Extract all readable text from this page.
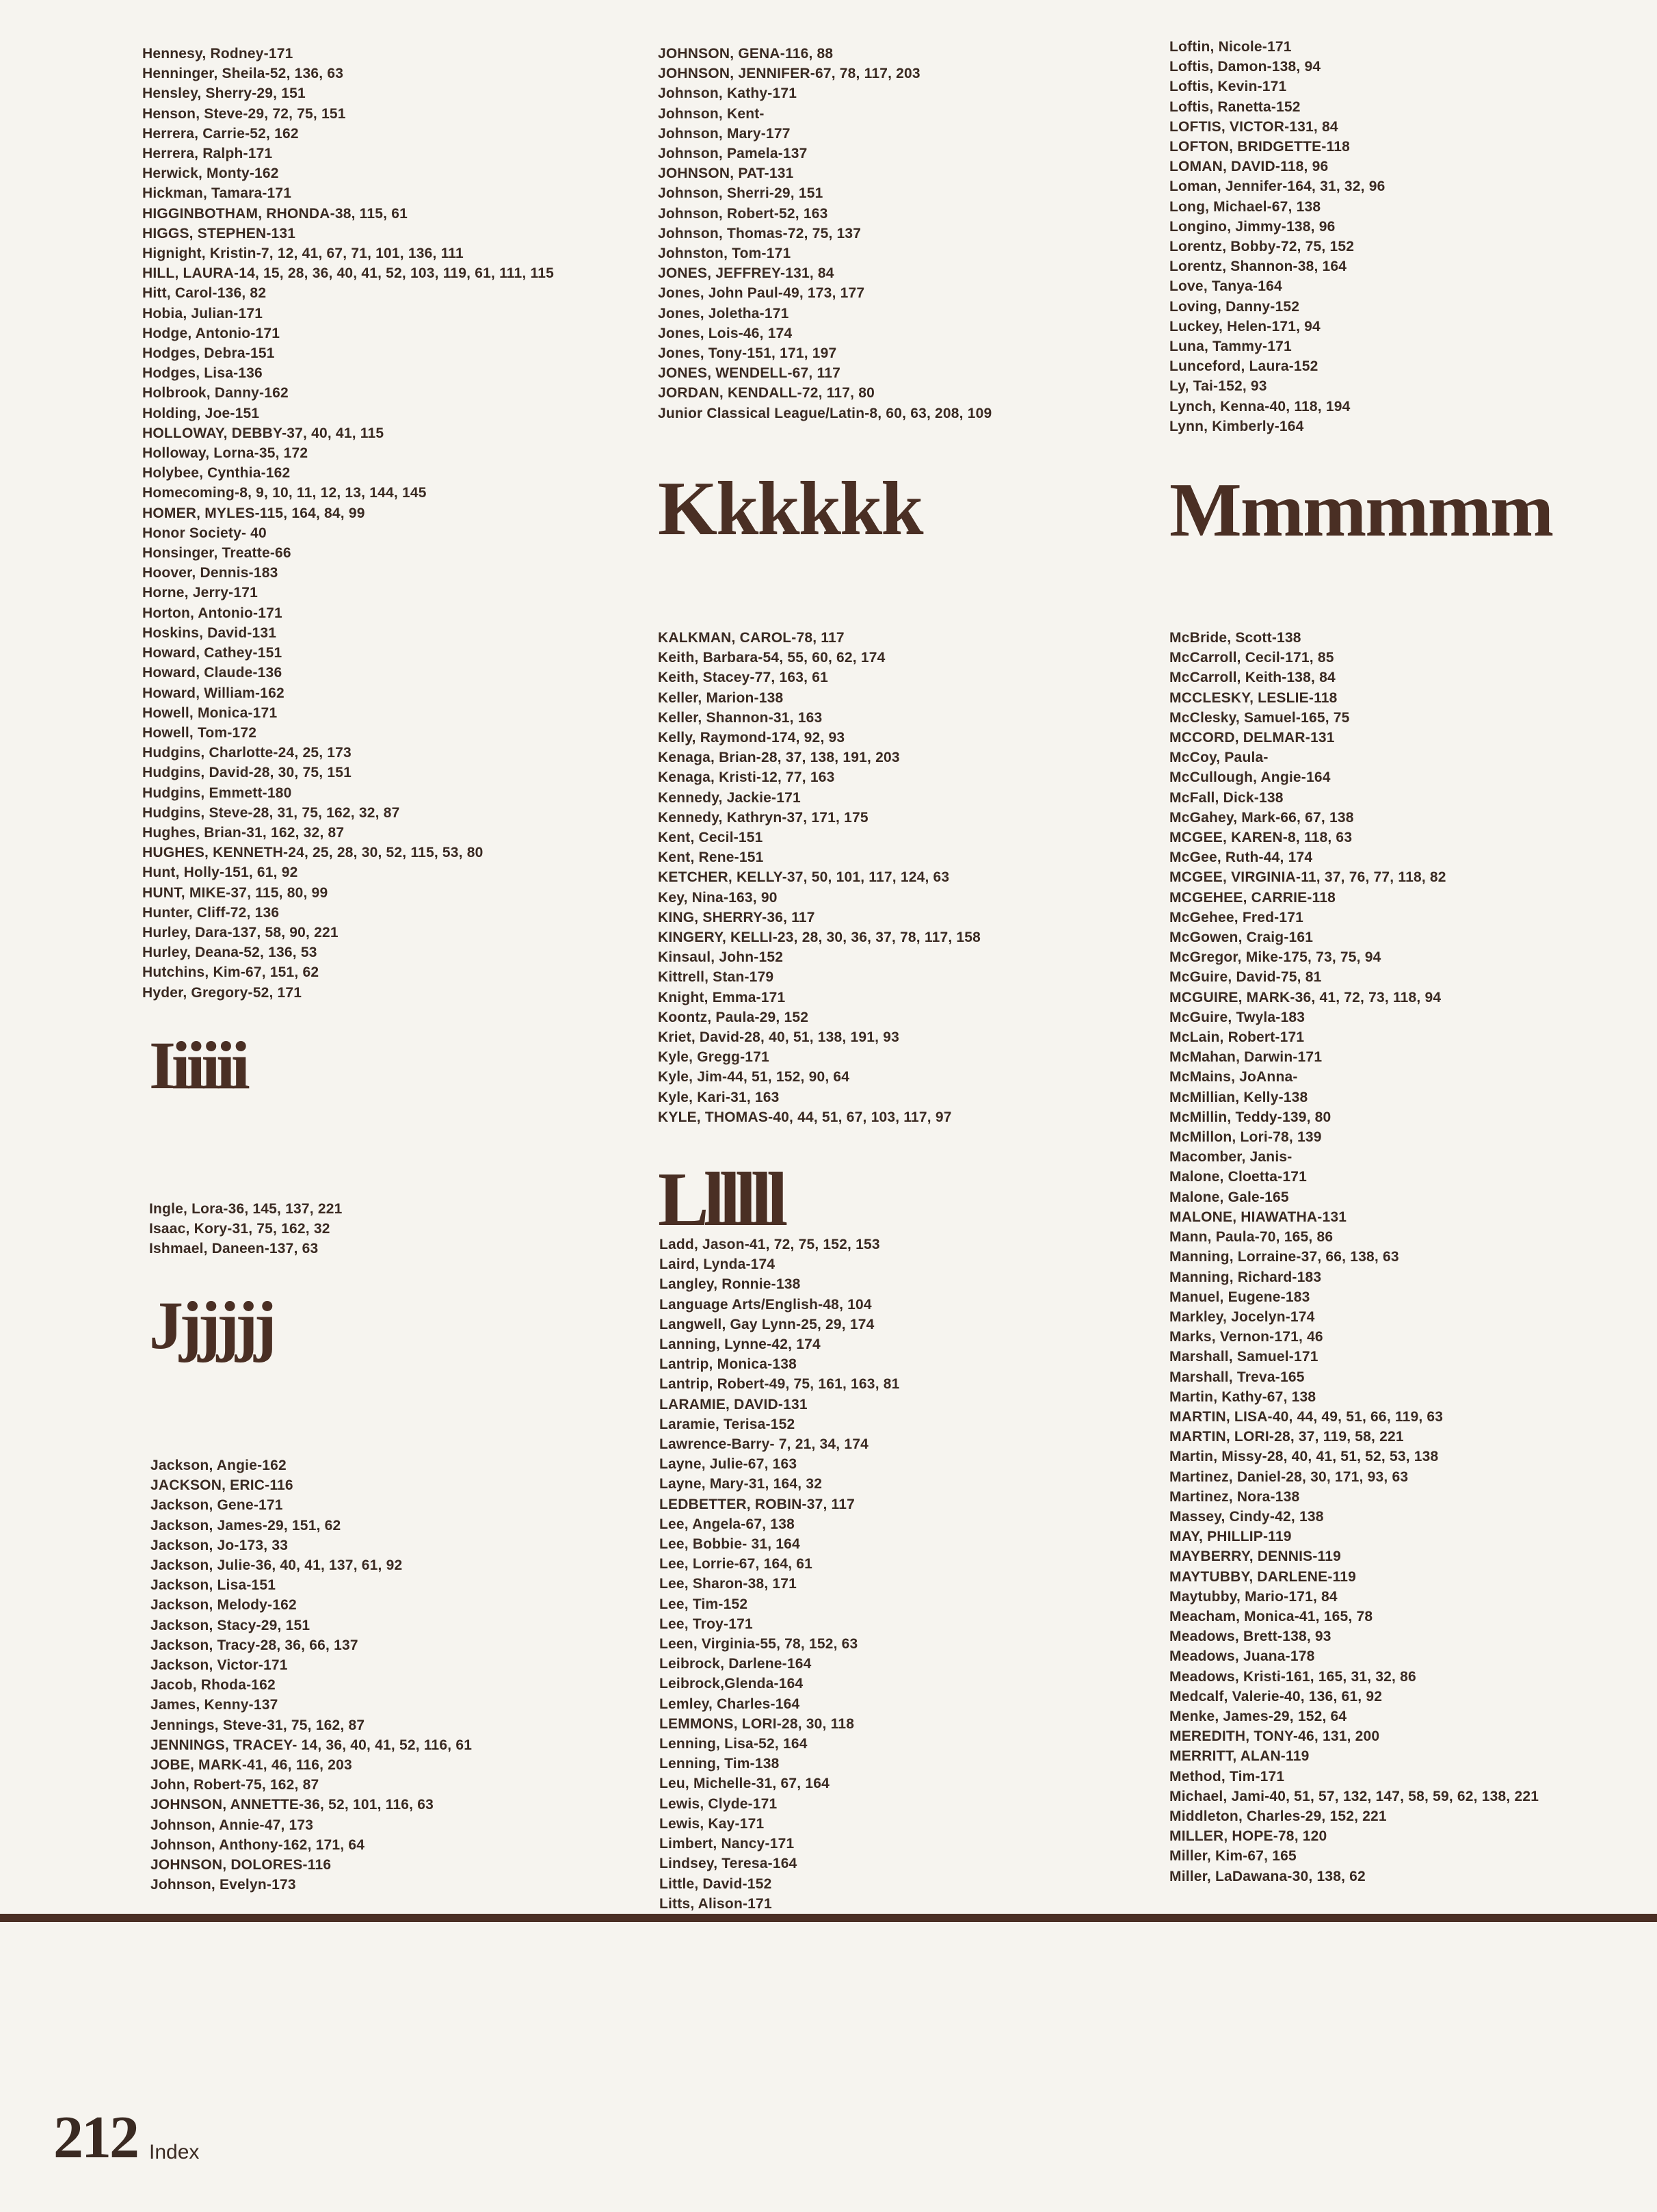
Hennesy, Rodney-171
Henninger, Sheila-52, 136, 63
Hensley, Sherry-29, 151
Henson, Steve-29, 72, 75, 151
Herrera, Carrie-52, 162
Herrera, Ralph-171
Herwick, Monty-162
Hickman, Tamara-171
HIGGINBOTHAM, RHONDA-38, 115, 61
HIGGS, STEPHEN-131
Hignight, Kristin-7, 12, 41, 67, 71, 101, 136, 111
HILL, LAURA-14, 15, 28, 36, 40, 41, 52, 103, 119, 61, 111, 115
Hitt, Carol-136, 82
Hobia, Julian-171
Hodge, Antonio-171
Hodges, Debra-151
Hodges, Lisa-136
Holbrook, Danny-162
Holding, Joe-151
HOLLOWAY, DEBBY-37, 40, 41, 115
Holloway, Lorna-35, 172
Holybee, Cynthia-162
Homecoming-8, 9, 10, 11, 12, 13, 144, 145
HOMER, MYLES-115, 164, 84, 99
Honor Society- 40
Honsinger, Treatte-66
Hoover, Dennis-183
Horne, Jerry-171
Horton, Antonio-171
Hoskins, David-131
Howard, Cathey-151
Howard, Claude-136
Howard, William-162
Howell, Monica-171
Howell, Tom-172
Hudgins, Charlotte-24, 25, 173
Hudgins, David-28, 30, 75, 151
Hudgins, Emmett-180
Hudgins, Steve-28, 31, 75, 162, 32, 87
Hughes, Brian-31, 162, 32, 87
HUGHES, KENNETH-24, 25, 28, 30, 52, 115, 53, 80
Hunt, Holly-151, 61, 92
HUNT, MIKE-37, 115, 80, 99
Hunter, Cliff-72, 136
Hurley, Dara-137, 58, 90, 221
Hurley, Deana-52, 136, 53
Hutchins, Kim-67, 151, 62
Hyder, Gregory-52, 171
Iiiiii
Ingle, Lora-36, 145, 137, 221
Isaac, Kory-31, 75, 162, 32
Ishmael, Daneen-137, 63
Jjjjjj
Jackson, Angie-162
JACKSON, ERIC-116
Jackson, Gene-171
Jackson, James-29, 151, 62
Jackson, Jo-173, 33
Jackson, Julie-36, 40, 41, 137, 61, 92
Jackson, Lisa-151
Jackson, Melody-162
Jackson, Stacy-29, 151
Jackson, Tracy-28, 36, 66, 137
Jackson, Victor-171
Jacob, Rhoda-162
James, Kenny-137
Jennings, Steve-31, 75, 162, 87
JENNINGS, TRACEY- 14, 36, 40, 41, 52, 116, 61
JOBE, MARK-41, 46, 116, 203
John, Robert-75, 162, 87
JOHNSON, ANNETTE-36, 52, 101, 116, 63
Johnson, Annie-47, 173
Johnson, Anthony-162, 171, 64
JOHNSON, DOLORES-116
Johnson, Evelyn-173
JOHNSON, GENA-116, 88
JOHNSON, JENNIFER-67, 78, 117, 203
Johnson, Kathy-171
Johnson, Kent-
Johnson, Mary-177
Johnson, Pamela-137
JOHNSON, PAT-131
Johnson, Sherri-29, 151
Johnson, Robert-52, 163
Johnson, Thomas-72, 75, 137
Johnston, Tom-171
JONES, JEFFREY-131, 84
Jones, John Paul-49, 173, 177
Jones, Joletha-171
Jones, Lois-46, 174
Jones, Tony-151, 171, 197
JONES, WENDELL-67, 117
JORDAN, KENDALL-72, 117, 80
Junior Classical League/Latin-8, 60, 63, 208, 109
Kkkkkk
KALKMAN, CAROL-78, 117
Keith, Barbara-54, 55, 60, 62, 174
Keith, Stacey-77, 163, 61
Keller, Marion-138
Keller, Shannon-31, 163
Kelly, Raymond-174, 92, 93
Kenaga, Brian-28, 37, 138, 191, 203
Kenaga, Kristi-12, 77, 163
Kennedy, Jackie-171
Kennedy, Kathryn-37, 171, 175
Kent, Cecil-151
Kent, Rene-151
KETCHER, KELLY-37, 50, 101, 117, 124, 63
Key, Nina-163, 90
KING, SHERRY-36, 117
KINGERY, KELLI-23, 28, 30, 36, 37, 78, 117, 158
Kinsaul, John-152
Kittrell, Stan-179
Knight, Emma-171
Koontz, Paula-29, 152
Kriet, David-28, 40, 51, 138, 191, 93
Kyle, Gregg-171
Kyle, Jim-44, 51, 152, 90, 64
Kyle, Kari-31, 163
KYLE, THOMAS-40, 44, 51, 67, 103, 117, 97
Llllll
Ladd, Jason-41, 72, 75, 152, 153
Laird, Lynda-174
Langley, Ronnie-138
Language Arts/English-48, 104
Langwell, Gay Lynn-25, 29, 174
Lanning, Lynne-42, 174
Lantrip, Monica-138
Lantrip, Robert-49, 75, 161, 163, 81
LARAMIE, DAVID-131
Laramie, Terisa-152
Lawrence-Barry- 7, 21, 34, 174
Layne, Julie-67, 163
Layne, Mary-31, 164, 32
LEDBETTER, ROBIN-37, 117
Lee, Angela-67, 138
Lee, Bobbie- 31, 164
Lee, Lorrie-67, 164, 61
Lee, Sharon-38, 171
Lee, Tim-152
Lee, Troy-171
Leen, Virginia-55, 78, 152, 63
Leibrock, Darlene-164
Leibrock,Glenda-164
Lemley, Charles-164
LEMMONS, LORI-28, 30, 118
Lenning, Lisa-52, 164
Lenning, Tim-138
Leu, Michelle-31, 67, 164
Lewis, Clyde-171
Lewis, Kay-171
Limbert, Nancy-171
Lindsey, Teresa-164
Little, David-152
Litts, Alison-171
Loftin, Nicole-171
Loftis, Damon-138, 94
Loftis, Kevin-171
Loftis, Ranetta-152
LOFTIS, VICTOR-131, 84
LOFTON, BRIDGETTE-118
LOMAN, DAVID-118, 96
Loman, Jennifer-164, 31, 32, 96
Long, Michael-67, 138
Longino, Jimmy-138, 96
Lorentz, Bobby-72, 75, 152
Lorentz, Shannon-38, 164
Love, Tanya-164
Loving, Danny-152
Luckey, Helen-171, 94
Luna, Tammy-171
Lunceford, Laura-152
Ly, Tai-152, 93
Lynch, Kenna-40, 118, 194
Lynn, Kimberly-164
Mmmmmm
McBride, Scott-138
McCarroll, Cecil-171, 85
McCarroll, Keith-138, 84
MCCLESKY, LESLIE-118
McClesky, Samuel-165, 75
MCCORD, DELMAR-131
McCoy, Paula-
McCullough, Angie-164
McFall, Dick-138
McGahey, Mark-66, 67, 138
MCGEE, KAREN-8, 118, 63
McGee, Ruth-44, 174
MCGEE, VIRGINIA-11, 37, 76, 77, 118, 82
MCGEHEE, CARRIE-118
McGehee, Fred-171
McGowen, Craig-161
McGregor, Mike-175, 73, 75, 94
McGuire, David-75, 81
MCGUIRE, MARK-36, 41, 72, 73, 118, 94
McGuire, Twyla-183
McLain, Robert-171
McMahan, Darwin-171
McMains, JoAnna-
McMillian, Kelly-138
McMillin, Teddy-139, 80
McMillon, Lori-78, 139
Macomber, Janis-
Malone, Cloetta-171
Malone, Gale-165
MALONE, HIAWATHA-131
Mann, Paula-70, 165, 86
Manning, Lorraine-37, 66, 138, 63
Manning, Richard-183
Manuel, Eugene-183
Markley, Jocelyn-174
Marks, Vernon-171, 46
Marshall, Samuel-171
Marshall, Treva-165
Martin, Kathy-67, 138
MARTIN, LISA-40, 44, 49, 51, 66, 119, 63
MARTIN, LORI-28, 37, 119, 58, 221
Martin, Missy-28, 40, 41, 51, 52, 53, 138
Martinez, Daniel-28, 30, 171, 93, 63
Martinez, Nora-138
Massey, Cindy-42, 138
MAY, PHILLIP-119
MAYBERRY, DENNIS-119
MAYTUBBY, DARLENE-119
Maytubby, Mario-171, 84
Meacham, Monica-41, 165, 78
Meadows, Brett-138, 93
Meadows, Juana-178
Meadows, Kristi-161, 165, 31, 32, 86
Medcalf, Valerie-40, 136, 61, 92
Menke, James-29, 152, 64
MEREDITH, TONY-46, 131, 200
MERRITT, ALAN-119
Method, Tim-171
Michael, Jami-40, 51, 57, 132, 147, 58, 59, 62, 138, 221
Middleton, Charles-29, 152, 221
MILLER, HOPE-78, 120
Miller, Kim-67, 165
Miller, LaDawana-30, 138, 62
212 Index
